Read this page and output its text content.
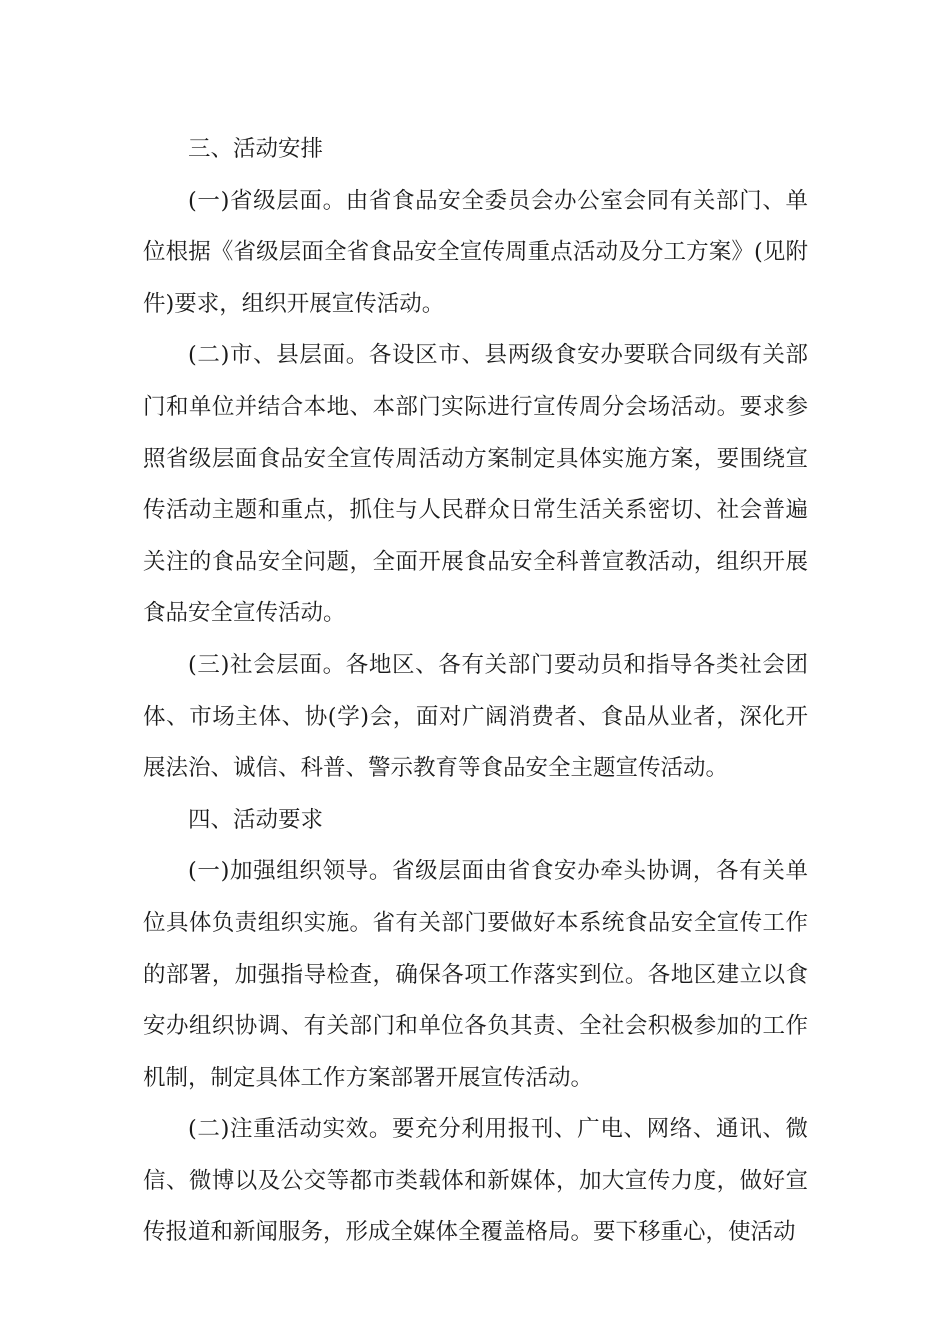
三、活动安排

(一)省级层面。由省食品安全委员会办公室会同有关部门、单位根据《省级层面全省食品安全宣传周重点活动及分工方案》(见附件)要求，组织开展宣传活动。

(二)市、县层面。各设区市、县两级食安办要联合同级有关部门和单位并结合本地、本部门实际进行宣传周分会场活动。要求参照省级层面食品安全宣传周活动方案制定具体实施方案，要围绕宣传活动主题和重点，抓住与人民群众日常生活关系密切、社会普遍关注的食品安全问题，全面开展食品安全科普宣教活动，组织开展食品安全宣传活动。

(三)社会层面。各地区、各有关部门要动员和指导各类社会团体、市场主体、协(学)会，面对广阔消费者、食品从业者，深化开展法治、诚信、科普、警示教育等食品安全主题宣传活动。

四、活动要求

(一)加强组织领导。省级层面由省食安办牵头协调，各有关单位具体负责组织实施。省有关部门要做好本系统食品安全宣传工作的部署，加强指导检查，确保各项工作落实到位。各地区建立以食安办组织协调、有关部门和单位各负其责、全社会积极参加的工作机制，制定具体工作方案部署开展宣传活动。

(二)注重活动实效。要充分利用报刊、广电、网络、通讯、微信、微博以及公交等都市类载体和新媒体，加大宣传力度，做好宣传报道和新闻服务，形成全媒体全覆盖格局。要下移重心，使活动
